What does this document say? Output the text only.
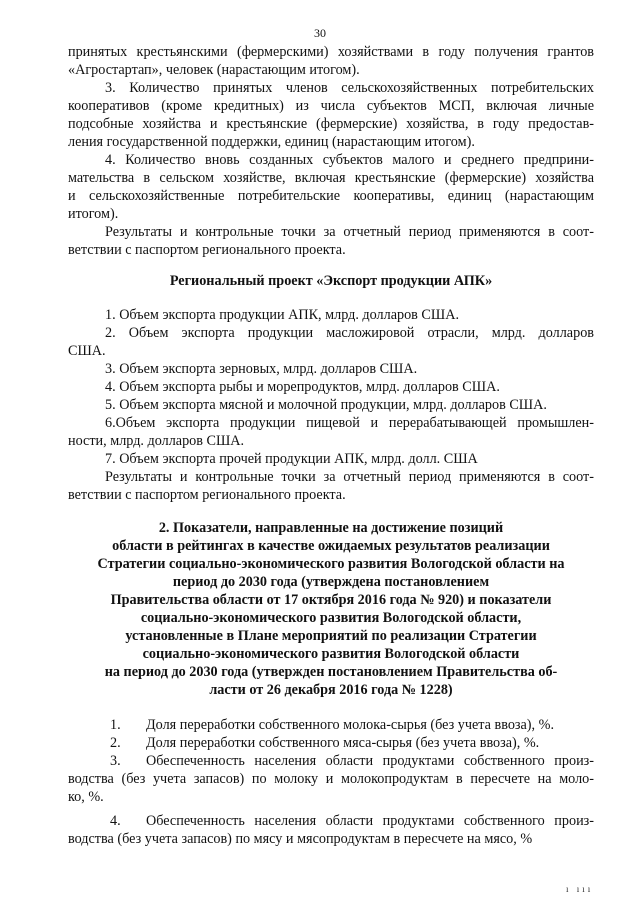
30
принятых крестьянскими (фермерскими) хозяйствами в году получения грантов
«Агростартап», человек (нарастающим итогом).
3. Количество принятых членов сельскохозяйственных потребительских
кооперативов (кроме кредитных) из числа субъектов МСП, включая личные
подсобные хозяйства и крестьянские (фермерские) хозяйства, в году предостав-
ления государственной поддержки, единиц (нарастающим итогом).
4. Количество вновь созданных субъектов малого и среднего предприни-
мательства в сельском хозяйстве, включая крестьянские (фермерские) хозяйства
и сельскохозяйственные потребительские кооперативы, единиц (нарастающим
итогом).
Результаты и контрольные точки за отчетный период применяются в соот-
ветствии с паспортом регионального проекта.
Региональный проект «Экспорт продукции АПК»
1. Объем экспорта продукции АПК, млрд. долларов США.
2. Объем экспорта продукции масложировой отрасли, млрд. долларов
США.
3. Объем экспорта зерновых, млрд. долларов США.
4. Объем экспорта рыбы и морепродуктов, млрд. долларов США.
5. Объем экспорта мясной и молочной продукции, млрд. долларов США.
6.Объем экспорта продукции пищевой и перерабатывающей промышлен-
ности, млрд. долларов США.
7. Объем экспорта прочей продукции АПК, млрд. долл. США
Результаты и контрольные точки за отчетный период применяются в соот-
ветствии с паспортом регионального проекта.
2. Показатели, направленные на достижение позиций
области в рейтингах в качестве ожидаемых результатов реализации
Стратегии социально-экономического развития Вологодской области на
период до 2030 года (утверждена постановлением
Правительства области от 17 октября 2016 года № 920) и показатели
социально-экономического развития Вологодской области,
установленные в Плане мероприятий по реализации Стратегии
социально-экономического развития Вологодской области
на период до 2030 года (утвержден постановлением Правительства об-
ласти от 26 декабря 2016 года № 1228)
1. Доля переработки собственного молока-сырья (без учета ввоза), %.
2. Доля переработки собственного мяса-сырья (без учета ввоза), %.
3. Обеспеченность населения области продуктами собственного произ-
водства (без учета запасов) по молоку и молокопродуктам в пересчете на моло-
ко, %.
4. Обеспеченность населения области продуктами собственного произ-
водства (без учета запасов) по мясу и мясопродуктам в пересчете на мясо, %
ı ııı
